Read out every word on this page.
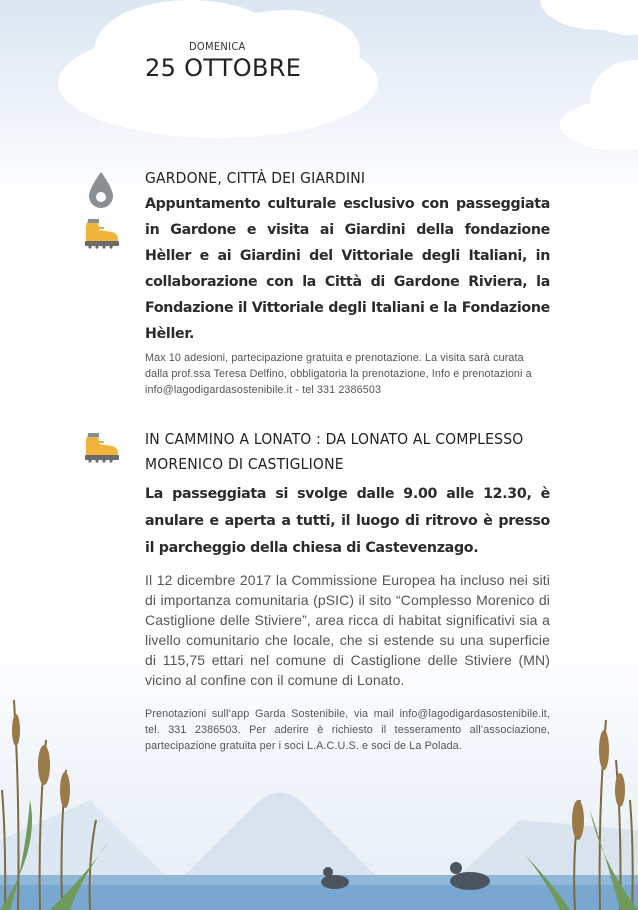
DOMENICA
25 OTTOBRE
GARDONE, CITTÀ DEI GIARDINI
Appuntamento culturale esclusivo con passeggiata in Gardone e visita ai Giardini della fondazione Hèller e ai Giardini del Vittoriale degli Italiani, in collaborazione con la Città di Gardone Riviera, la Fondazione il Vittoriale degli Italiani e la Fondazione Hèller.
Max 10 adesioni, partecipazione gratuita e prenotazione. La visita sarà curata dalla prof.ssa Teresa Delfino, obbligatoria la prenotazione, Info e prenotazioni a info@lagodigardasostenibile.it - tel 331 2386503
IN CAMMINO A LONATO : DA LONATO AL COMPLESSO MORENICO DI CASTIGLIONE
La passeggiata si svolge dalle 9.00 alle 12.30, è anulare e aperta a tutti, il luogo di ritrovo è presso il parcheggio della chiesa di Castevenzago.
Il 12 dicembre 2017 la Commissione Europea ha incluso nei siti di importanza comunitaria (pSIC) il sito “Complesso Morenico di Castiglione delle Stiviere”, area ricca di habitat significativi sia a livello comunitario che locale, che si estende su una superficie di 115,75 ettari nel comune di Castiglione delle Stiviere (MN) vicino al confine con il comune di Lonato.
Prenotazioni sull’app Garda Sostenibile, via mail info@lagodigardasostenibile.it, tel. 331 2386503. Per aderire è richiesto il tesseramento all’associazione, partecipazione gratuita per i soci L.A.C.U.S. e soci de La Polada.
